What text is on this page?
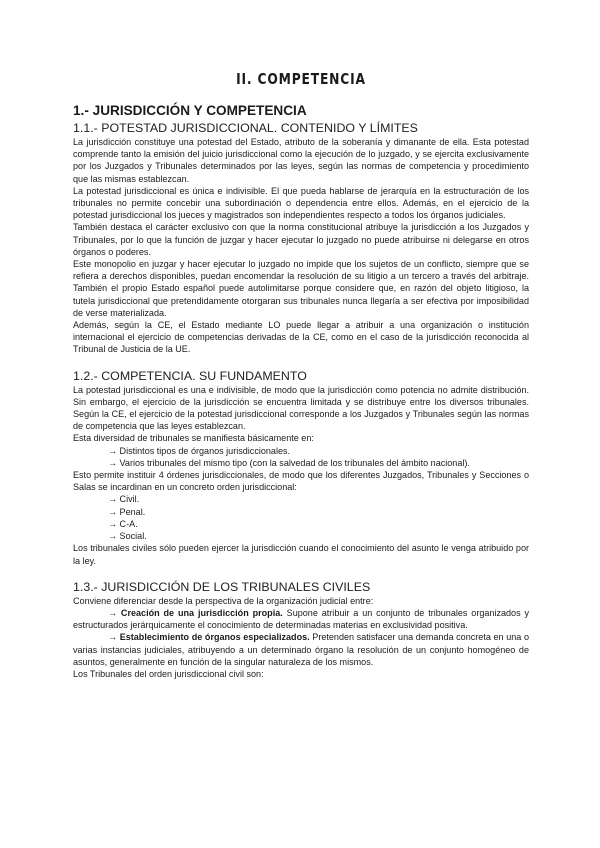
II. COMPETENCIA
1.- JURISDICCIÓN Y COMPETENCIA
1.1.- POTESTAD JURISDICCIONAL. CONTENIDO Y LÍMITES

La jurisdicción constituye una potestad del Estado, atributo de la soberanía y dimanante de ella. Esta potestad comprende tanto la emisión del juicio jurisdiccional como la ejecución de lo juzgado, y se ejercita exclusivamente por los Juzgados y Tribunales determinados por las leyes, según las normas de competencia y procedimiento que las mismas establezcan.

La potestad jurisdiccional es única e indivisible. El que pueda hablarse de jerarquía en la estructuración de los tribunales no permite concebir una subordinación o dependencia entre ellos. Además, en el ejercicio de la potestad jurisdiccional los jueces y magistrados son independientes respecto a todos los órganos judiciales.

También destaca el carácter exclusivo con que la norma constitucional atribuye la jurisdicción a los Juzgados y Tribunales, por lo que la función de juzgar y hacer ejecutar lo juzgado no puede atribuirse ni delegarse en otros órganos o poderes.

Este monopolio en juzgar y hacer ejecutar lo juzgado no impide que los sujetos de un conflicto, siempre que se refiera a derechos disponibles, puedan encomendar la resolución de su litigio a un tercero a través del arbitraje. También el propio Estado español puede autolimitarse porque considere que, en razón del objeto litigioso, la tutela jurisdiccional que pretendidamente otorgaran sus tribunales nunca llegaría a ser efectiva por imposibilidad de verse materializada.

Además, según la CE, el Estado mediante LO puede llegar a atribuir a una organización o institución internacional el ejercicio de competencias derivadas de la CE, como en el caso de la jurisdicción reconocida al Tribunal de Justicia de la UE.

1.2.- COMPETENCIA. SU FUNDAMENTO

La potestad jurisdiccional es una e indivisible, de modo que la jurisdicción como potencia no admite distribución. Sin embargo, el ejercicio de la jurisdicción se encuentra limitada y se distribuye entre los diversos tribunales. Según la CE, el ejercicio de la potestad jurisdiccional corresponde a los Juzgados y Tribunales según las normas de competencia que las leyes establezcan.

Esta diversidad de tribunales se manifiesta básicamente en:

→ Distintos tipos de órganos jurisdiccionales.
→ Varios tribunales del mismo tipo (con la salvedad de los tribunales del ámbito nacional).

Esto permite instituir 4 órdenes jurisdiccionales, de modo que los diferentes Juzgados, Tribunales y Secciones o Salas se incardinan en un concreto orden jurisdiccional:

→ Civil.
→ Penal.
→ C-A.
→ Social.

Los tribunales civiles sólo pueden ejercer la jurisdicción cuando el conocimiento del asunto le venga atribuido por la ley.

1.3.- JURISDICCIÓN DE LOS TRIBUNALES CIVILES

Conviene diferenciar desde la perspectiva de la organización judicial entre:

→ Creación de una jurisdicción propia. Supone atribuir a un conjunto de tribunales organizados y estructurados jerárquicamente el conocimiento de determinadas materias en exclusividad positiva.

→ Establecimiento de órganos especializados. Pretenden satisfacer una demanda concreta en una o varias instancias judiciales, atribuyendo a un determinado órgano la resolución de un conjunto homogéneo de asuntos, generalmente en función de la singular naturaleza de los mismos.

Los Tribunales del orden jurisdiccional civil son:
